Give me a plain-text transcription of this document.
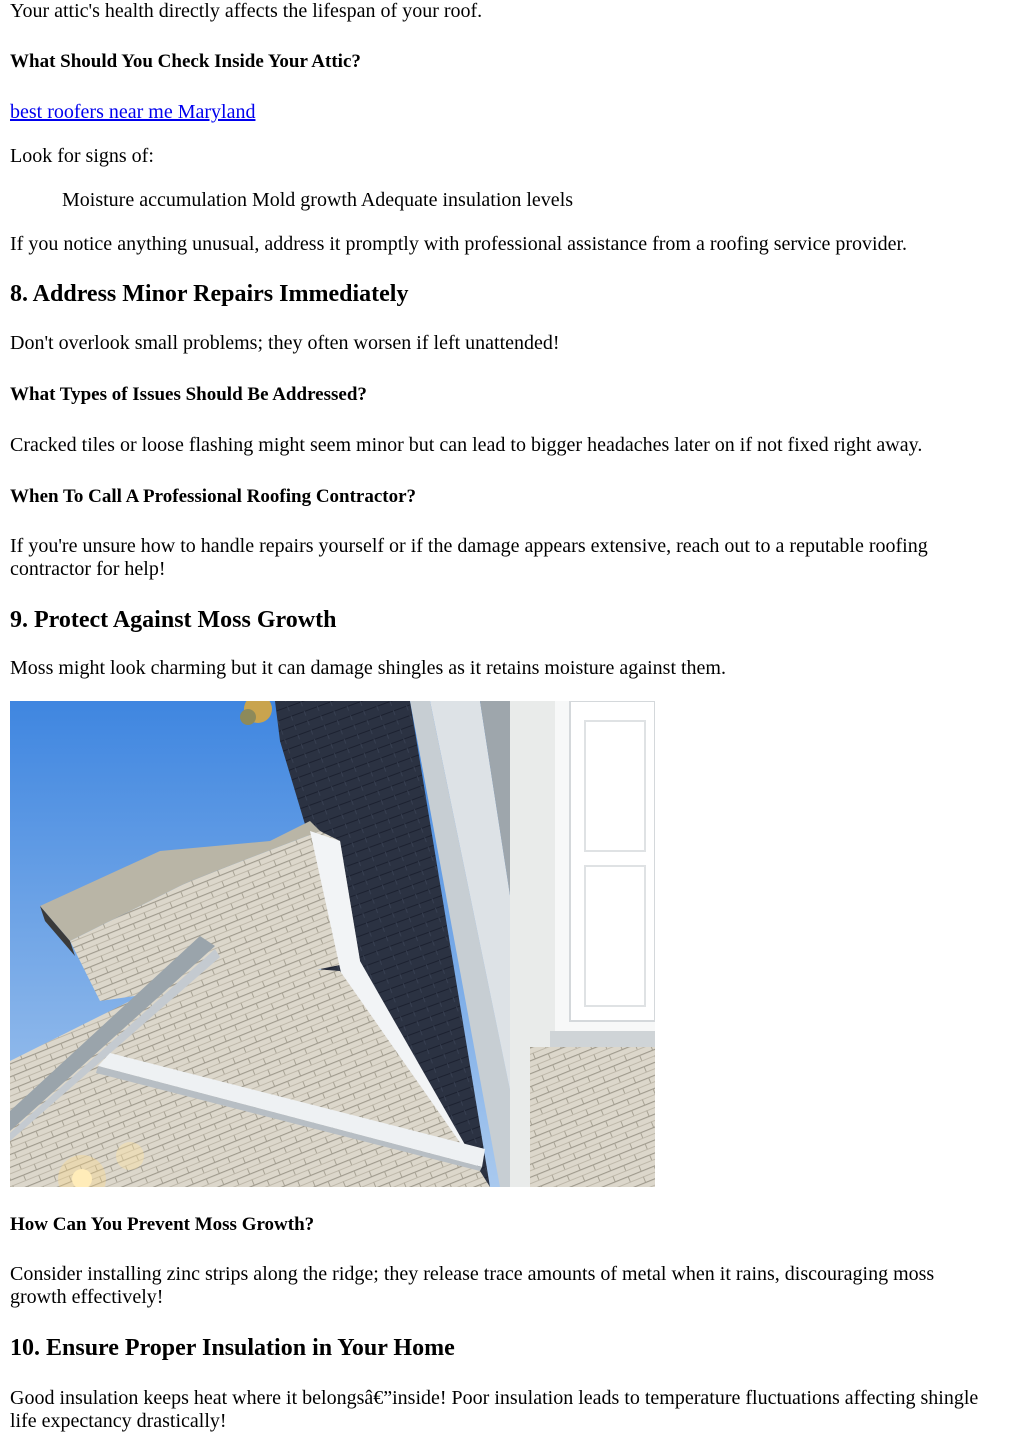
Your attic's health directly affects the lifespan of your roof.

What Should You Check Inside Your Attic?
best roofers near me Maryland

Look for signs of:

Moisture accumulation Mold growth Adequate insulation levels

If you notice anything unusual, address it promptly with professional assistance from a roofing service provider.

8. Address Minor Repairs Immediately

Don't overlook small problems; they often worsen if left unattended!

What Types of Issues Should Be Addressed?

Cracked tiles or loose flashing might seem minor but can lead to bigger headaches later on if not fixed right away.

When To Call A Professional Roofing Contractor?

If you're unsure how to handle repairs yourself or if the damage appears extensive, reach out to a reputable roofing

contractor for help!

9. Protect Against Moss Growth

Moss might look charming but it can damage shingles as it retains moisture against them.

How Can You Prevent Moss Growth?

Consider installing zinc strips along the ridge; they release trace amounts of metal when it rains, discouraging moss

growth effectively!

10. Ensure Proper Insulation in Your Home

Good insulation keeps heat where it belongsâ€”inside! Poor insulation leads to temperature fluctuations affecting shingle

life expectancy drastically!
